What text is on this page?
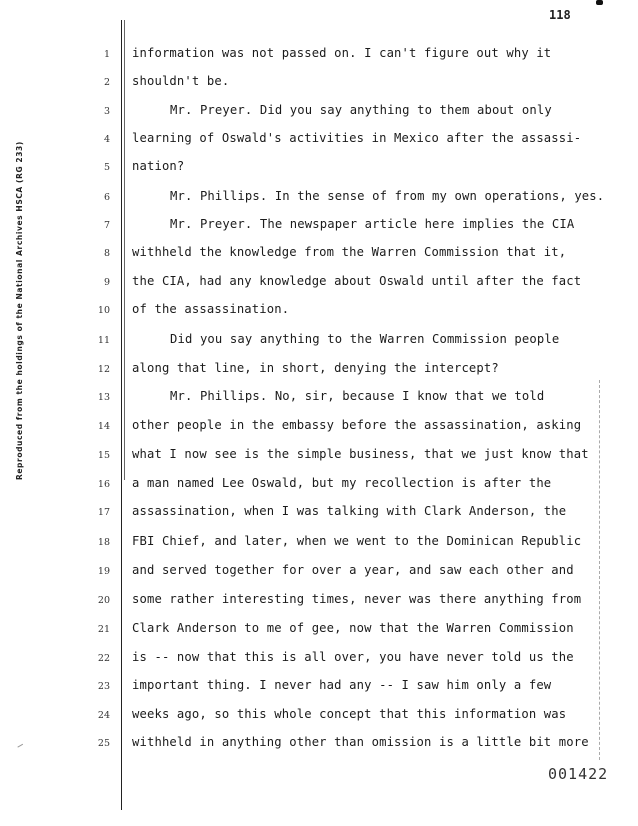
Reproduced from the holdings of the National Archives HSCA (RG 233)
118
1
2
3
4
5
6
7
8
9
10
11
12
13
14
15
16
17
18
19
20
21
22
23
24
25
information was not passed on. I can't figure out why it
shouldn't be.
Mr. Preyer. Did you say anything to them about only
learning of Oswald's activities in Mexico after the assassi-
nation?
Mr. Phillips. In the sense of from my own operations, yes.
Mr. Preyer. The newspaper article here implies the CIA
withheld the knowledge from the Warren Commission that it,
the CIA, had any knowledge about Oswald until after the fact
of the assassination.
Did you say anything to the Warren Commission people
along that line, in short, denying the intercept?
Mr. Phillips. No, sir, because I know that we told
other people in the embassy before the assassination, asking
what I now see is the simple business, that we just know that
a man named Lee Oswald, but my recollection is after the
assassination, when I was talking with Clark Anderson, the
FBI Chief, and later, when we went to the Dominican Republic
and served together for over a year, and saw each other and
some rather interesting times, never was there anything from
Clark Anderson to me of gee, now that the Warren Commission
is -- now that this is all over, you have never told us the
important thing. I never had any -- I saw him only a few
weeks ago, so this whole concept that this information was
withheld in anything other than omission is a little bit more
001422
